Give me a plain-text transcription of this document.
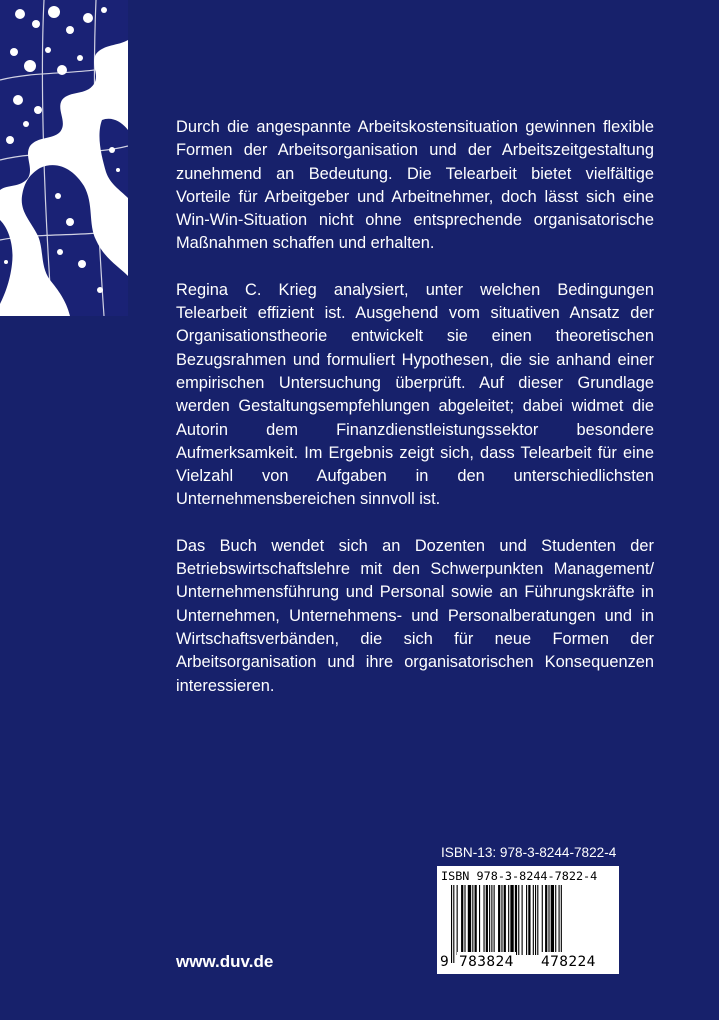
Durch die angespannte Arbeitskostensituation gewinnen flexible Formen der Arbeitsorganisation und der Arbeitszeitgestaltung zunehmend an Bedeutung. Die Telearbeit bietet vielfältige Vorteile für Arbeitgeber und Arbeitnehmer, doch lässt sich eine Win-Win-Situation nicht ohne entsprechende organisatorische Maßnahmen schaffen und erhalten.

Regina C. Krieg analysiert, unter welchen Bedingungen Telearbeit effizient ist. Ausgehend vom situativen Ansatz der Organisationstheorie entwickelt sie einen theoretischen Bezugsrahmen und formuliert Hypothesen, die sie anhand einer empirischen Untersuchung überprüft. Auf dieser Grundlage werden Gestaltungsempfehlungen abgeleitet; dabei widmet die Autorin dem Finanzdienstleistungssektor besondere Aufmerksamkeit. Im Ergebnis zeigt sich, dass Telearbeit für eine Vielzahl von Aufgaben in den unterschiedlichsten Unternehmensbereichen sinnvoll ist.

Das Buch wendet sich an Dozenten und Studenten der Betriebswirtschaftslehre mit den Schwerpunkten Management/ Unternehmensführung und Personal sowie an Führungskräfte in Unternehmen, Unternehmens- und Personalberatungen und in Wirtschaftsverbänden, die sich für neue Formen der Arbeitsorganisation und ihre organisatorischen Konsequenzen interessieren.

ISBN-13: 978-3-8244-7822-4
ISBN 978-3-8244-7822-4
9 783824 478224
www.duv.de
